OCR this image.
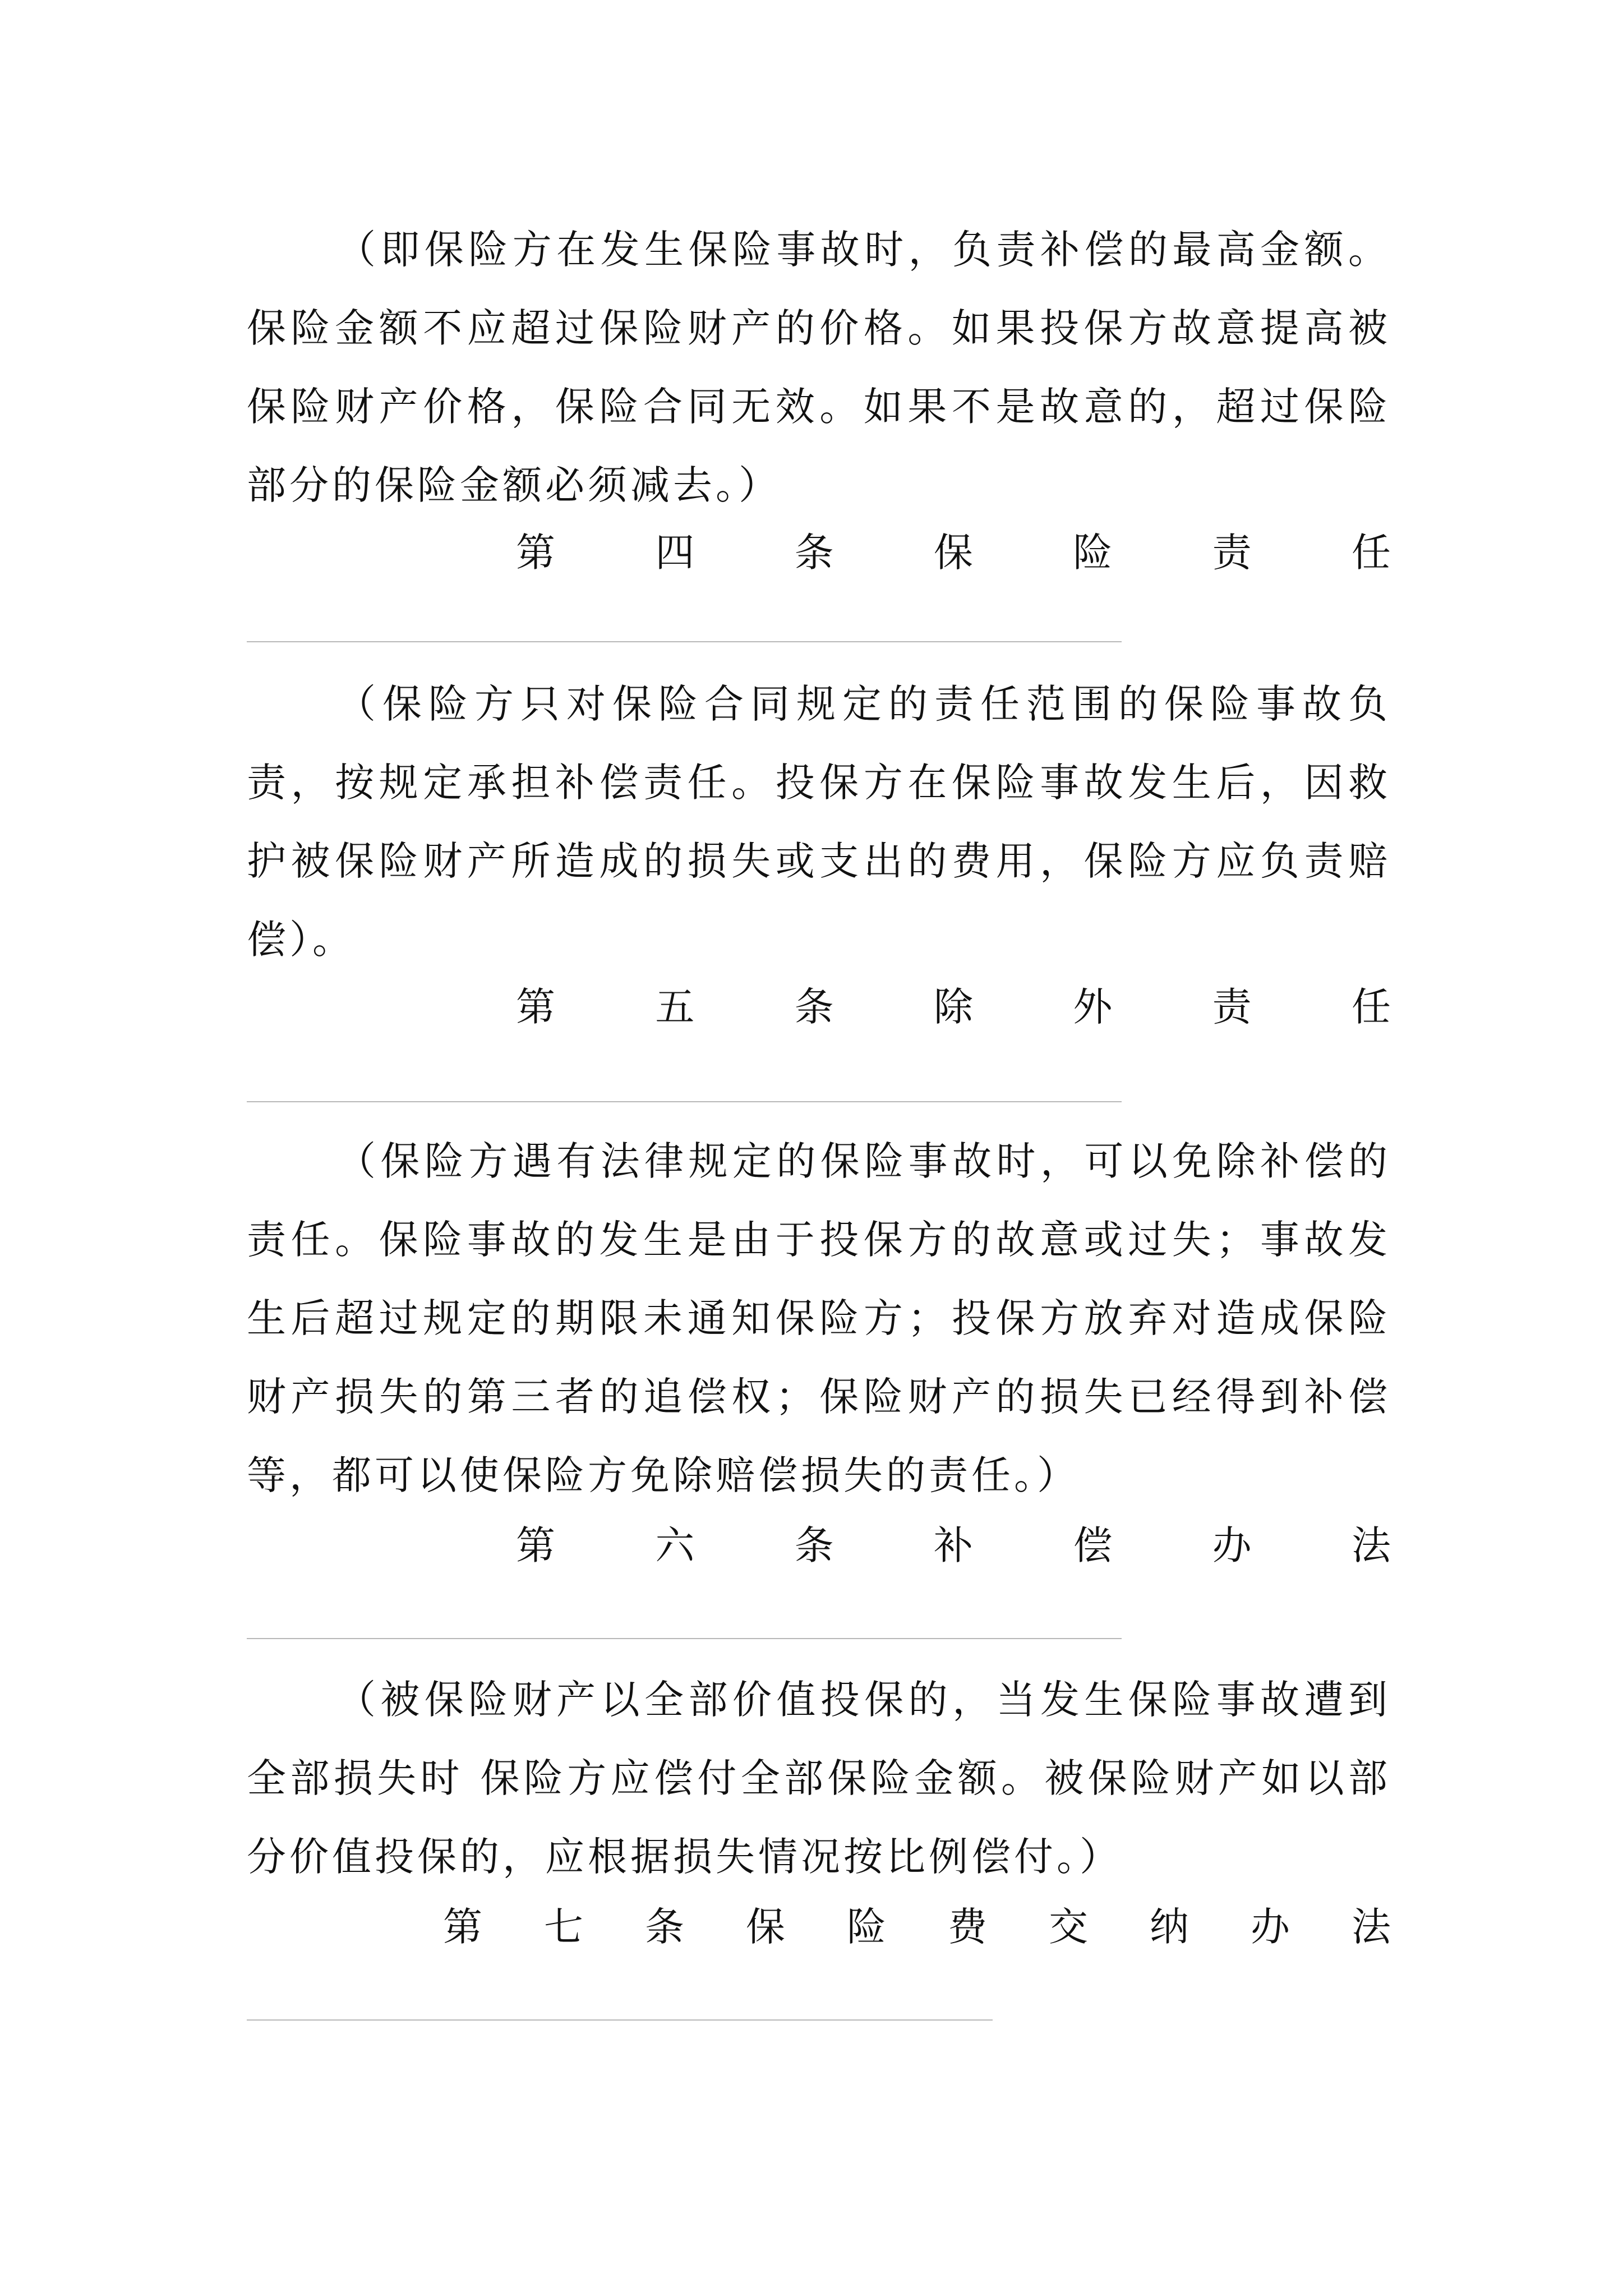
（即保险方在发生保险事故时，负责补偿的最高金额。保险金额不应超过保险财产的价格。如果投保方故意提高被保险财产价格，保险合同无效。如果不是故意的，超过保险部分的保险金额必须减去。）

第	四	条	保	险	责	任

（保险方只对保险合同规定的责任范围的保险事故负责，按规定承担补偿责任。投保方在保险事故发生后，因救护被保险财产所造成的损失或支出的费用，保险方应负责赔偿）。

第	五	条	除	外	责	任

（保险方遇有法律规定的保险事故时，可以免除补偿的责任。保险事故的发生是由于投保方的故意或过失；事故发生后超过规定的期限未通知保险方；投保方放弃对造成保险财产损失的第三者的追偿权；保险财产的损失已经得到补偿等，都可以使保险方免除赔偿损失的责任。）

第	六	条	补	偿	办	法

（被保险财产以全部价值投保的，当发生保险事故遭到全部损失时 保险方应偿付全部保险金额。被保险财产如以部分价值投保的，应根据损失情况按比例偿付。）

第 七 条 保 险 费 交 纳 办 法
